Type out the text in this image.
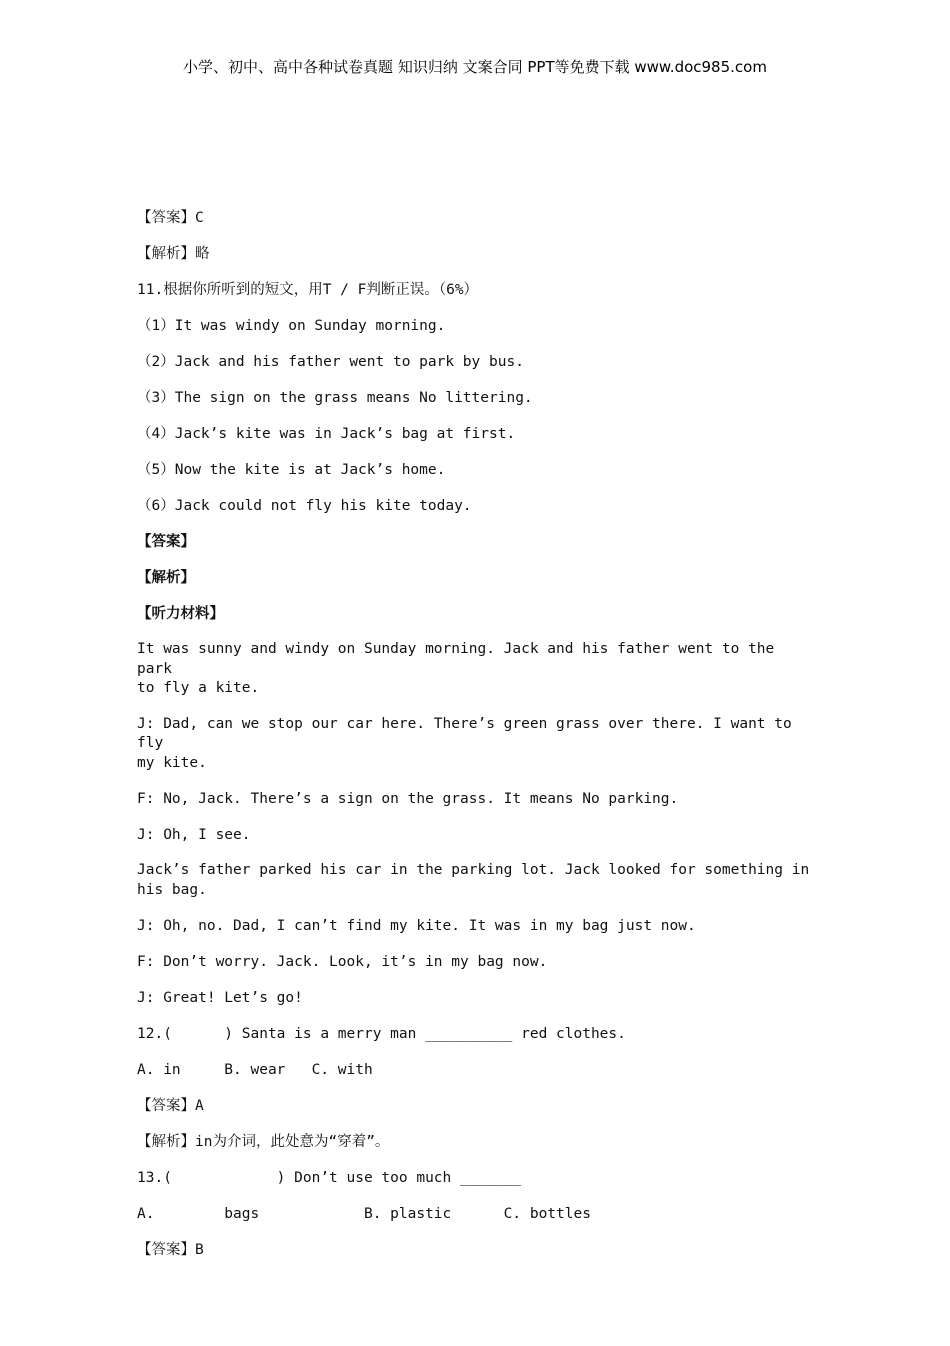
小学、初中、高中各种试卷真题 知识归纳 文案合同 PPT等免费下载 www.doc985.com

【答案】C

【解析】略

11.根据你所听到的短文，用T / F判断正误。（6%）

（1）It was windy on Sunday morning.

（2）Jack and his father went to park by bus.

（3）The sign on the grass means No littering.

（4）Jack’s kite was in Jack’s bag at first.

（5）Now the kite is at Jack’s home.

（6）Jack could not fly his kite today.

【答案】

【解析】

【听力材料】

It was sunny and windy on Sunday morning. Jack and his father went to the park
to fly a kite.

J: Dad, can we stop our car here. There’s green grass over there. I want to fly
my kite.

F: No, Jack. There’s a sign on the grass. It means No parking.

J: Oh, I see.

Jack’s father parked his car in the parking lot. Jack looked for something in
his bag.

J: Oh, no. Dad, I can’t find my kite. It was in my bag just now.

F: Don’t worry. Jack. Look, it’s in my bag now.

J: Great! Let’s go!

12.(      ) Santa is a merry man __________ red clothes.

A. in     B. wear   C. with

【答案】A

【解析】in为介词，此处意为“穿着”。

13.(            ) Don’t use too much _______

A.        bags            B. plastic      C. bottles

【答案】B
